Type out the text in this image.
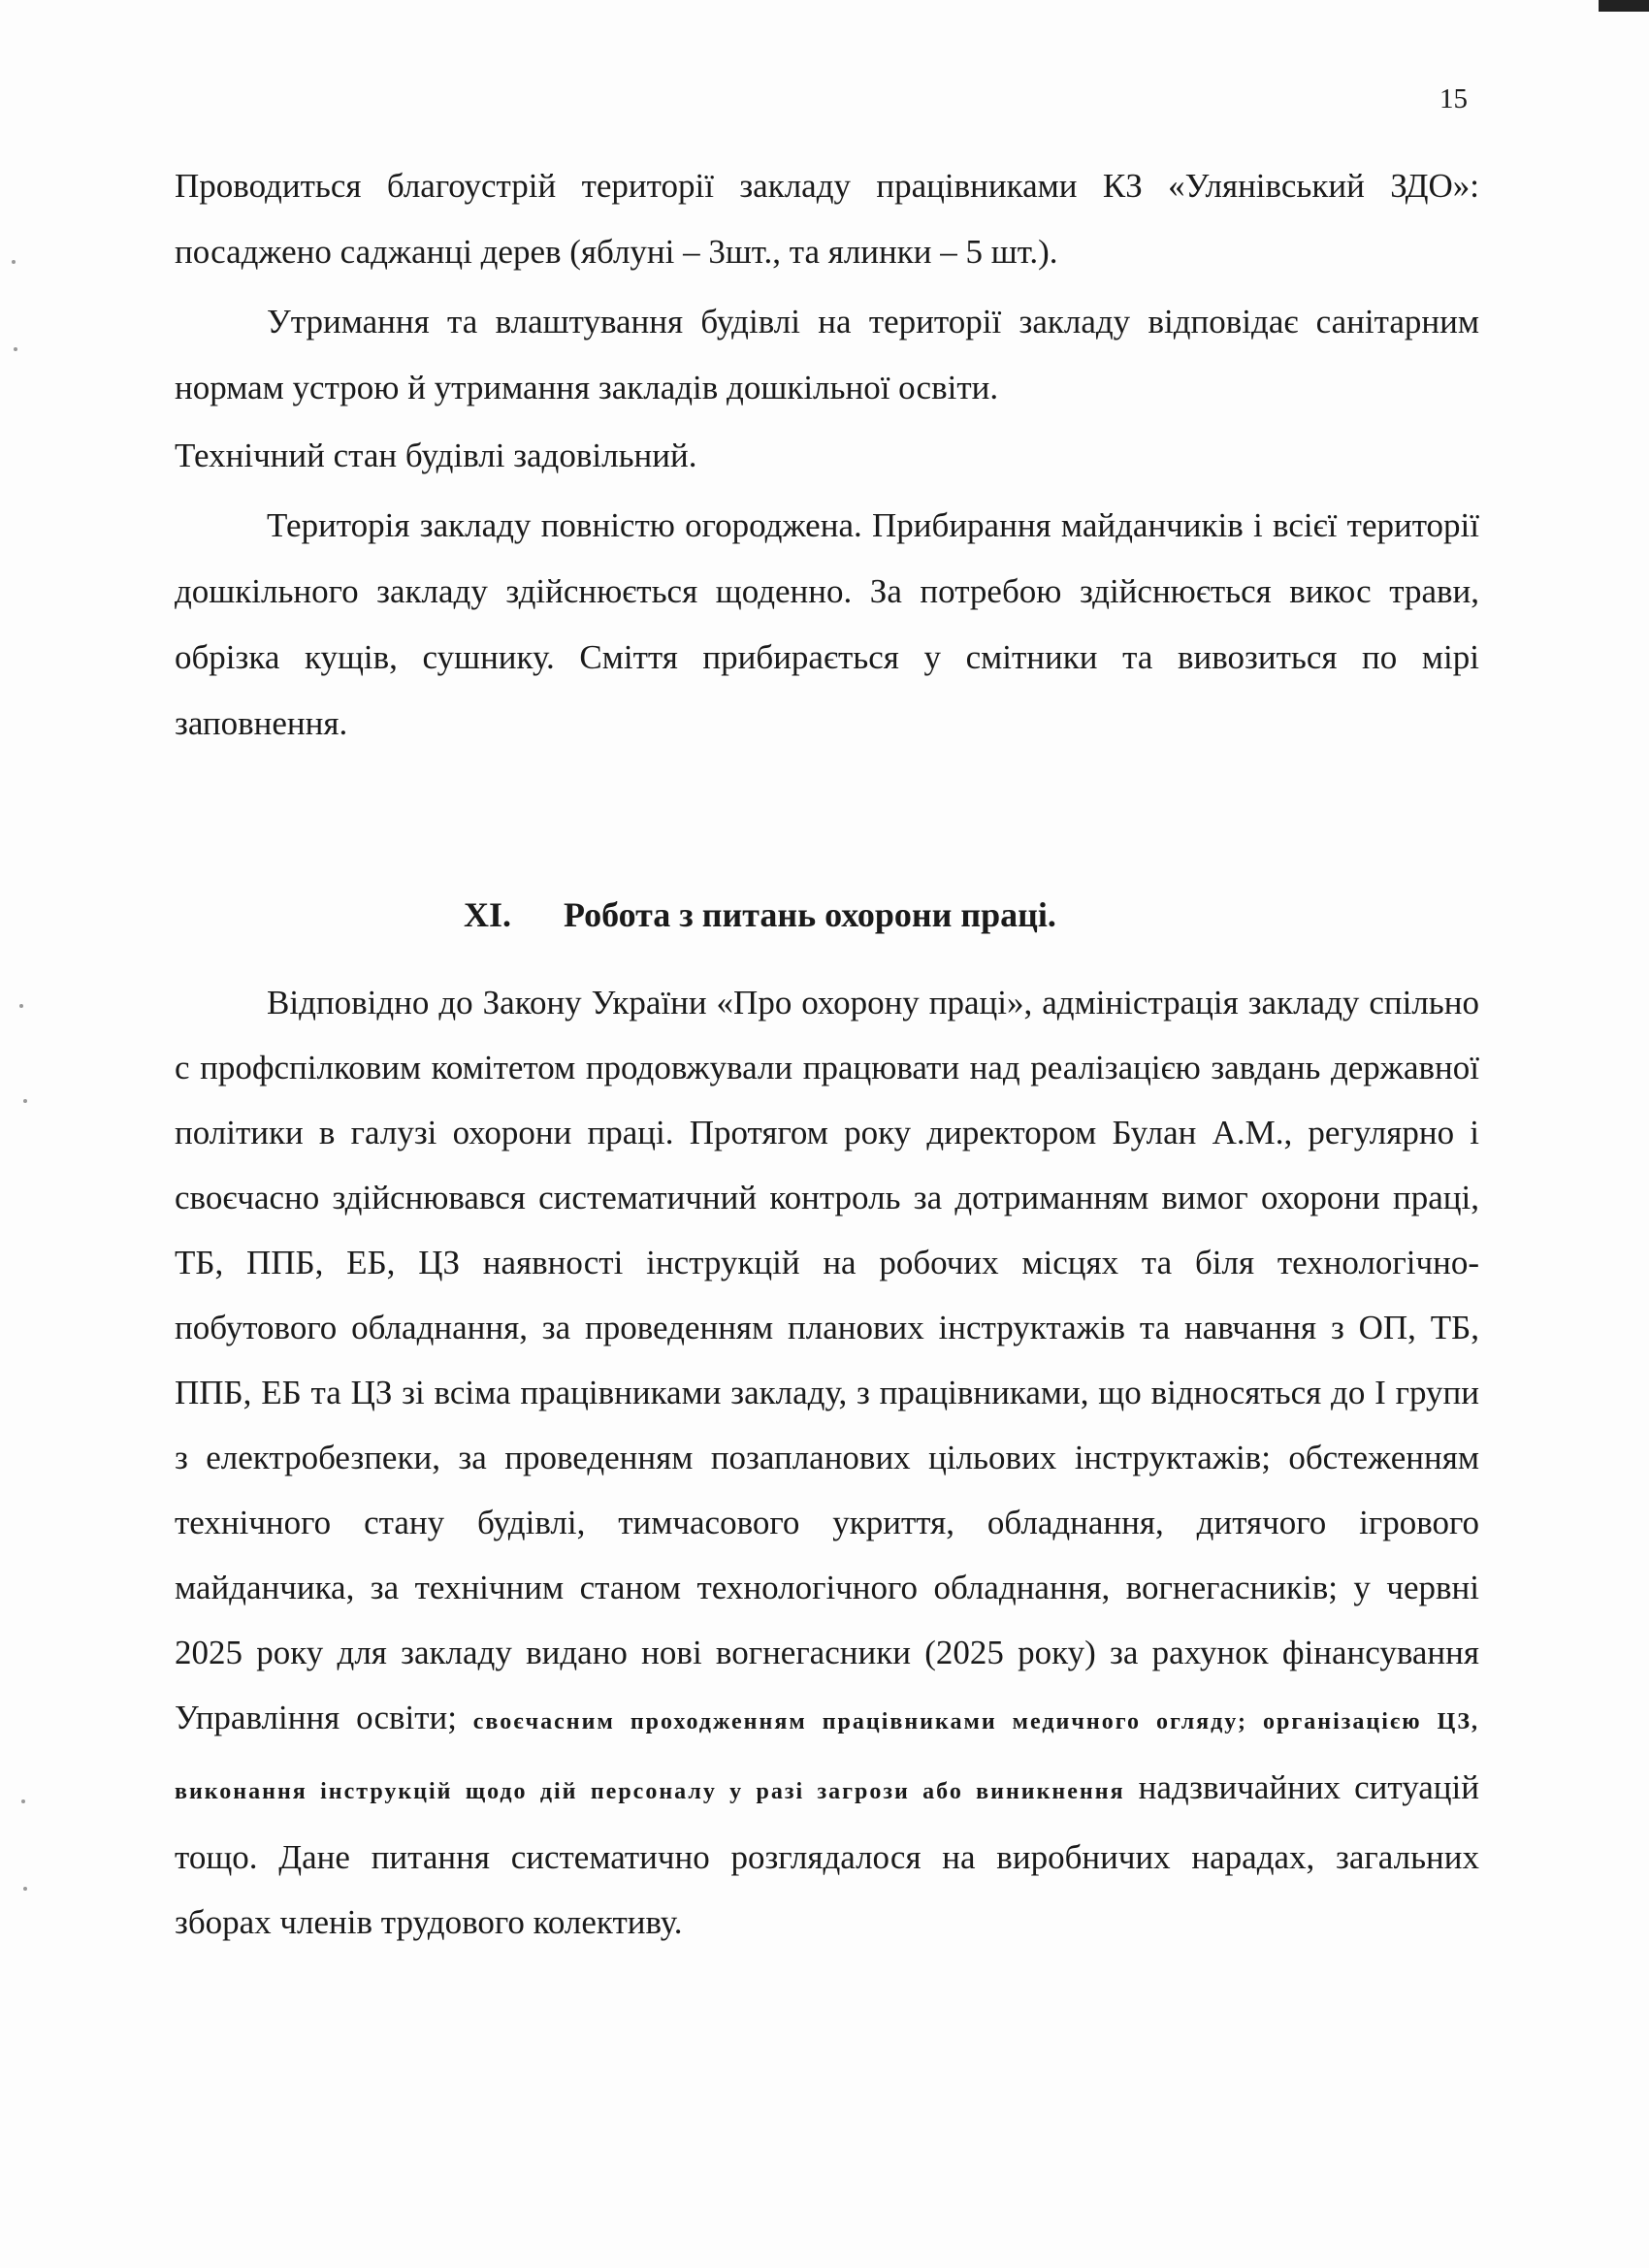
15

Проводиться благоустрій території закладу працівниками КЗ «Улянівський ЗДО»: посаджено саджанці дерев (яблуні – 3шт., та ялинки – 5 шт.).

Утримання та влаштування будівлі на території закладу відповідає санітарним нормам устрою й утримання закладів дошкільної освіти.

Технічний стан будівлі задовільний.

Територія закладу повністю огороджена. Прибирання майданчиків і всієї території дошкільного закладу здійснюється щоденно. За потребою здійснюється викос трави, обрізка кущів, сушнику. Сміття прибирається у смітники та вивозиться по мірі заповнення.

XI. Робота з питань охорони праці.

Відповідно до Закону України «Про охорону праці», адміністрація закладу спільно с профспілковим комітетом продовжували працювати над реалізацією завдань державної політики в галузі охорони праці. Протягом року директором Булан А.М., регулярно і своєчасно здійснювався систематичний контроль за дотриманням вимог охорони праці, ТБ, ППБ, ЕБ, ЦЗ наявності інструкцій на робочих місцях та біля технологічно-побутового обладнання, за проведенням планових інструктажів та навчання з ОП, ТБ, ППБ, ЕБ та ЦЗ зі всіма працівниками закладу, з працівниками, що відносяться до І групи з електробезпеки, за проведенням позапланових цільових інструктажів; обстеженням технічного стану будівлі, тимчасового укриття, обладнання, дитячого ігрового майданчика, за технічним станом технологічного обладнання, вогнегасників; у червні 2025 року для закладу видано нові вогнегасники (2025 року) за рахунок фінансування Управління освіти; своєчасним проходженням працівниками медичного огляду; організацією ЦЗ, виконання інструкцій щодо дій персоналу у разі загрози або виникнення надзвичайних ситуацій тощо. Дане питання систематично розглядалося на виробничих нарадах, загальних зборах членів трудового колективу.
